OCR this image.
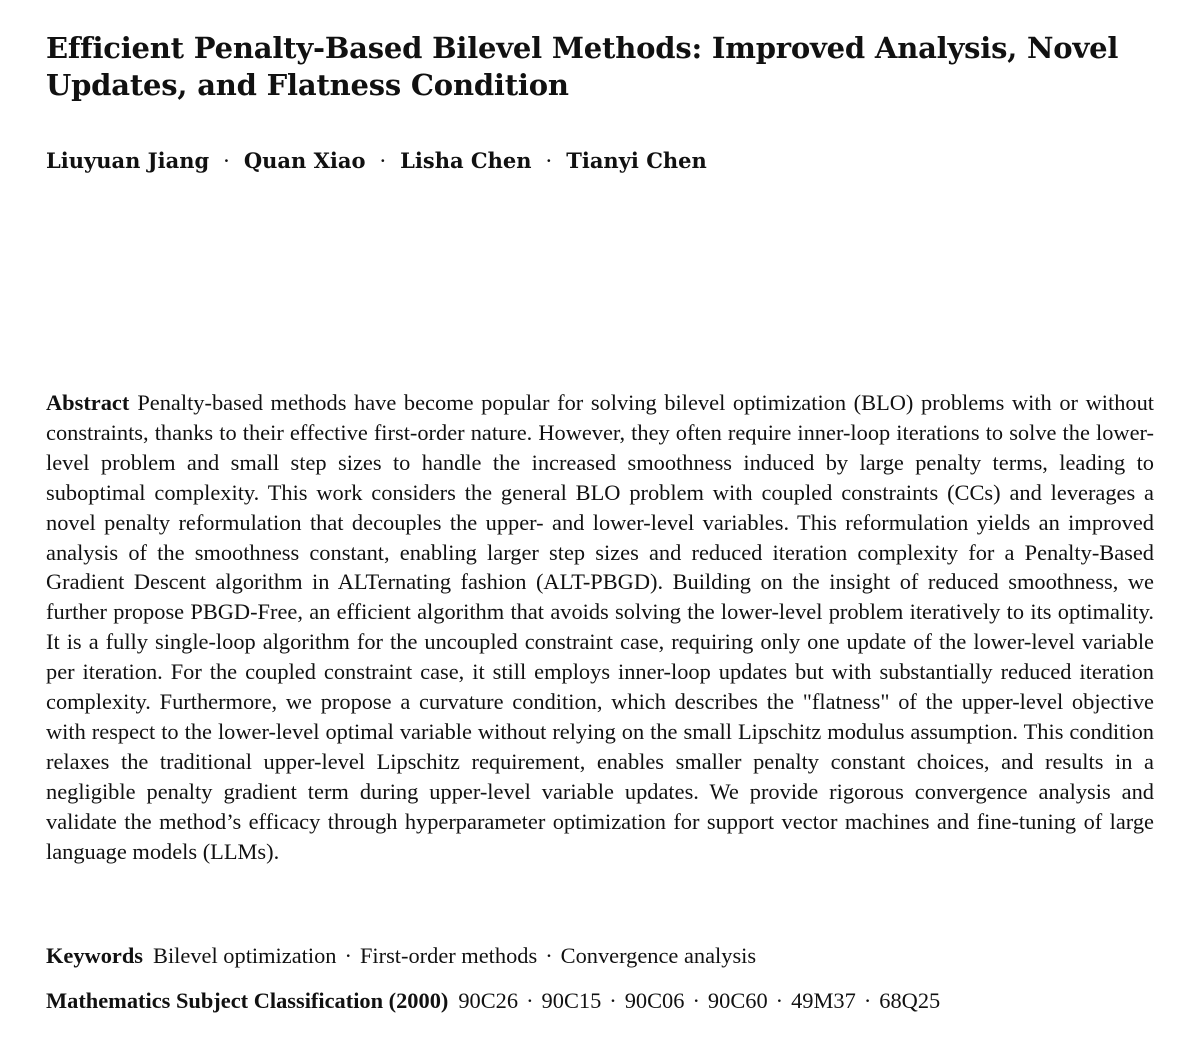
Efficient Penalty-Based Bilevel Methods: Improved Analysis, Novel Updates, and Flatness Condition
Liuyuan Jiang · Quan Xiao · Lisha Chen · Tianyi Chen

Abstract Penalty-based methods have become popular for solving bilevel optimization (BLO) problems with or without constraints, thanks to their effective first-order nature. However, they often require inner-loop iterations to solve the lower-level problem and small step sizes to handle the increased smoothness induced by large penalty terms, leading to suboptimal complexity. This work considers the general BLO problem with coupled constraints (CCs) and leverages a novel penalty reformulation that decouples the upper- and lower-level variables. This reformulation yields an improved analysis of the smoothness constant, enabling larger step sizes and reduced iteration complexity for a Penalty-Based Gradient Descent algorithm in ALTernating fashion (ALT-PBGD). Building on the insight of reduced smoothness, we further propose PBGD-Free, an efficient algorithm that avoids solving the lower-level problem iteratively to its optimality. It is a fully single-loop algorithm for the uncoupled constraint case, requiring only one update of the lower-level variable per iteration. For the coupled constraint case, it still employs inner-loop updates but with substantially reduced iteration complexity. Furthermore, we propose a curvature condition, which describes the "flatness" of the upper-level objective with respect to the lower-level optimal variable without relying on the small Lipschitz modulus assumption. This condition relaxes the traditional upper-level Lipschitz requirement, enables smaller penalty constant choices, and results in a negligible penalty gradient term during upper-level variable updates. We provide rigorous convergence analysis and validate the method’s efficacy through hyperparameter optimization for support vector machines and fine-tuning of large language models (LLMs).

Keywords Bilevel optimization · First-order methods · Convergence analysis
Mathematics Subject Classification (2000) 90C26 · 90C15 · 90C06 · 90C60 · 49M37 · 68Q25
